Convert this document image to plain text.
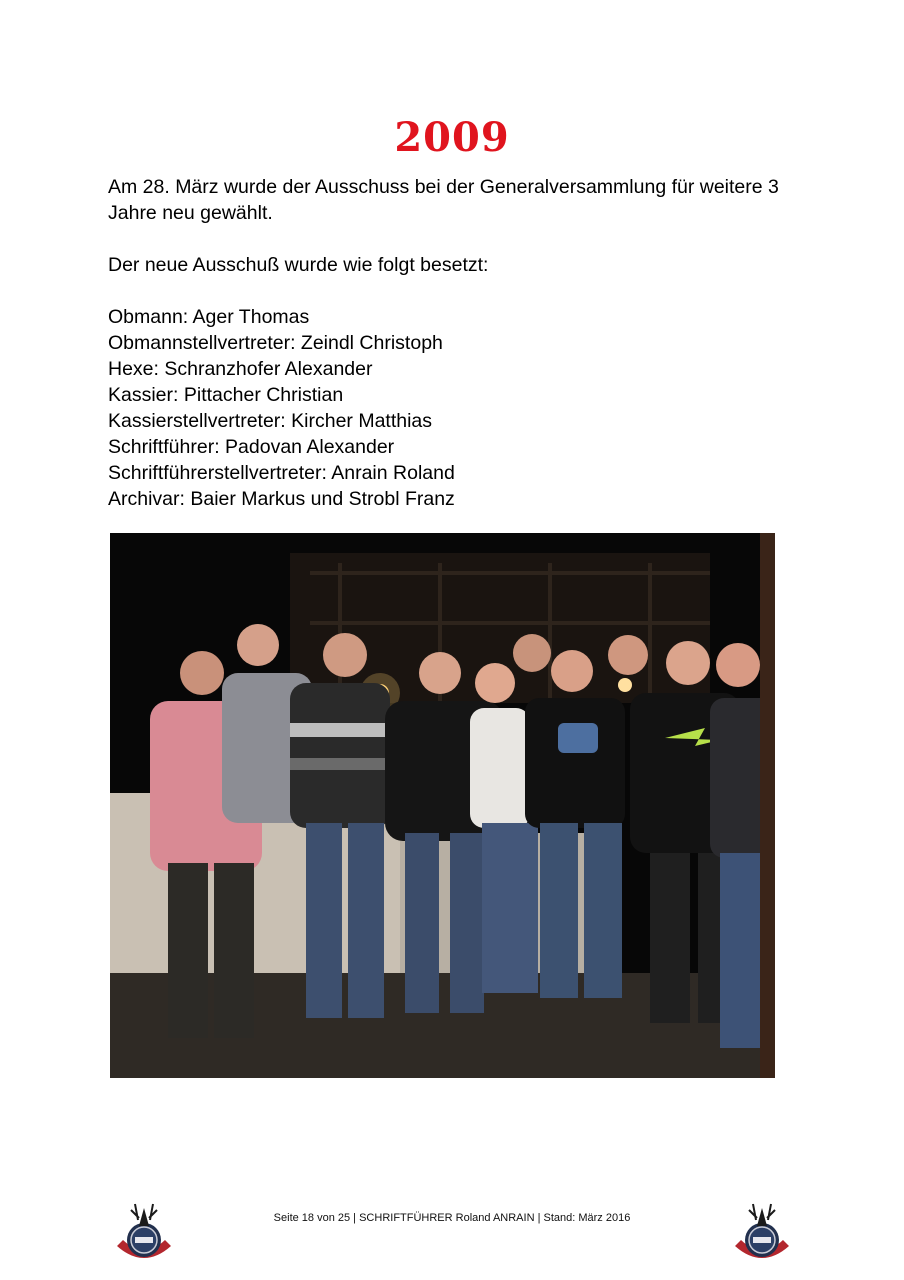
2009

Am 28. März wurde der Ausschuss bei der Generalversammlung für weitere 3

Jahre neu gewählt.

Der neue Ausschuß wurde wie folgt besetzt:

Obmann: Ager Thomas

Obmannstellvertreter: Zeindl Christoph

Hexe: Schranzhofer Alexander

Kassier: Pittacher Christian

Kassierstellvertreter: Kircher Matthias

Schriftführer: Padovan Alexander

Schriftführerstellvertreter: Anrain Roland

Archivar: Baier Markus und Strobl Franz

Seite 18 von 25 | SCHRIFTFÜHRER Roland ANRAIN | Stand: März 2016
